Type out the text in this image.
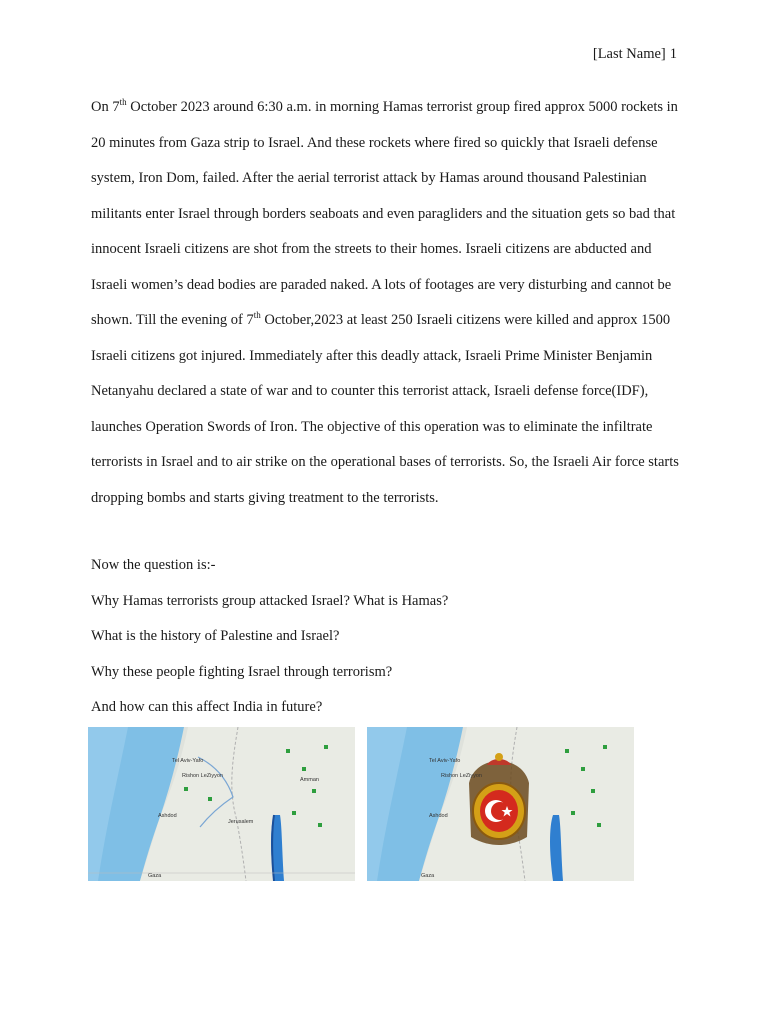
[Last Name] 1

On 7th October 2023 around 6:30 a.m. in morning Hamas terrorist group fired approx 5000 rockets in 20 minutes from Gaza strip to Israel. And these rockets where fired so quickly that Israeli defense system, Iron Dom, failed. After the aerial terrorist attack by Hamas around thousand Palestinian militants enter Israel through borders seaboats and even paragliders and the situation gets so bad that innocent Israeli citizens are shot from the streets to their homes. Israeli citizens are abducted and Israeli women’s dead bodies are paraded naked. A lots of footages are very disturbing and cannot be shown. Till the evening of 7th October,2023 at least 250 Israeli citizens were killed and approx 1500 Israeli citizens got injured. Immediately after this deadly attack, Israeli Prime Minister Benjamin Netanyahu declared a state of war and to counter this terrorist attack, Israeli defense force(IDF), launches Operation Swords of Iron. The objective of this operation was to eliminate the infiltrate terrorists in Israel and to air strike on the operational bases of terrorists. So, the Israeli Air force starts dropping bombs and starts giving treatment to the terrorists.

Now the question is:-
Why Hamas terrorists group attacked Israel? What is Hamas?
What is the history of Palestine and Israel?
Why these people fighting Israel through terrorism?
And how can this affect India in future?
Tel Aviv-Yafo
Rishon LeZiyyon
Ashdod
Jerusalem
Amman
Gaza
Tel Aviv-Yafo
Rishon LeZiyyon
Ashdod
Gaza
